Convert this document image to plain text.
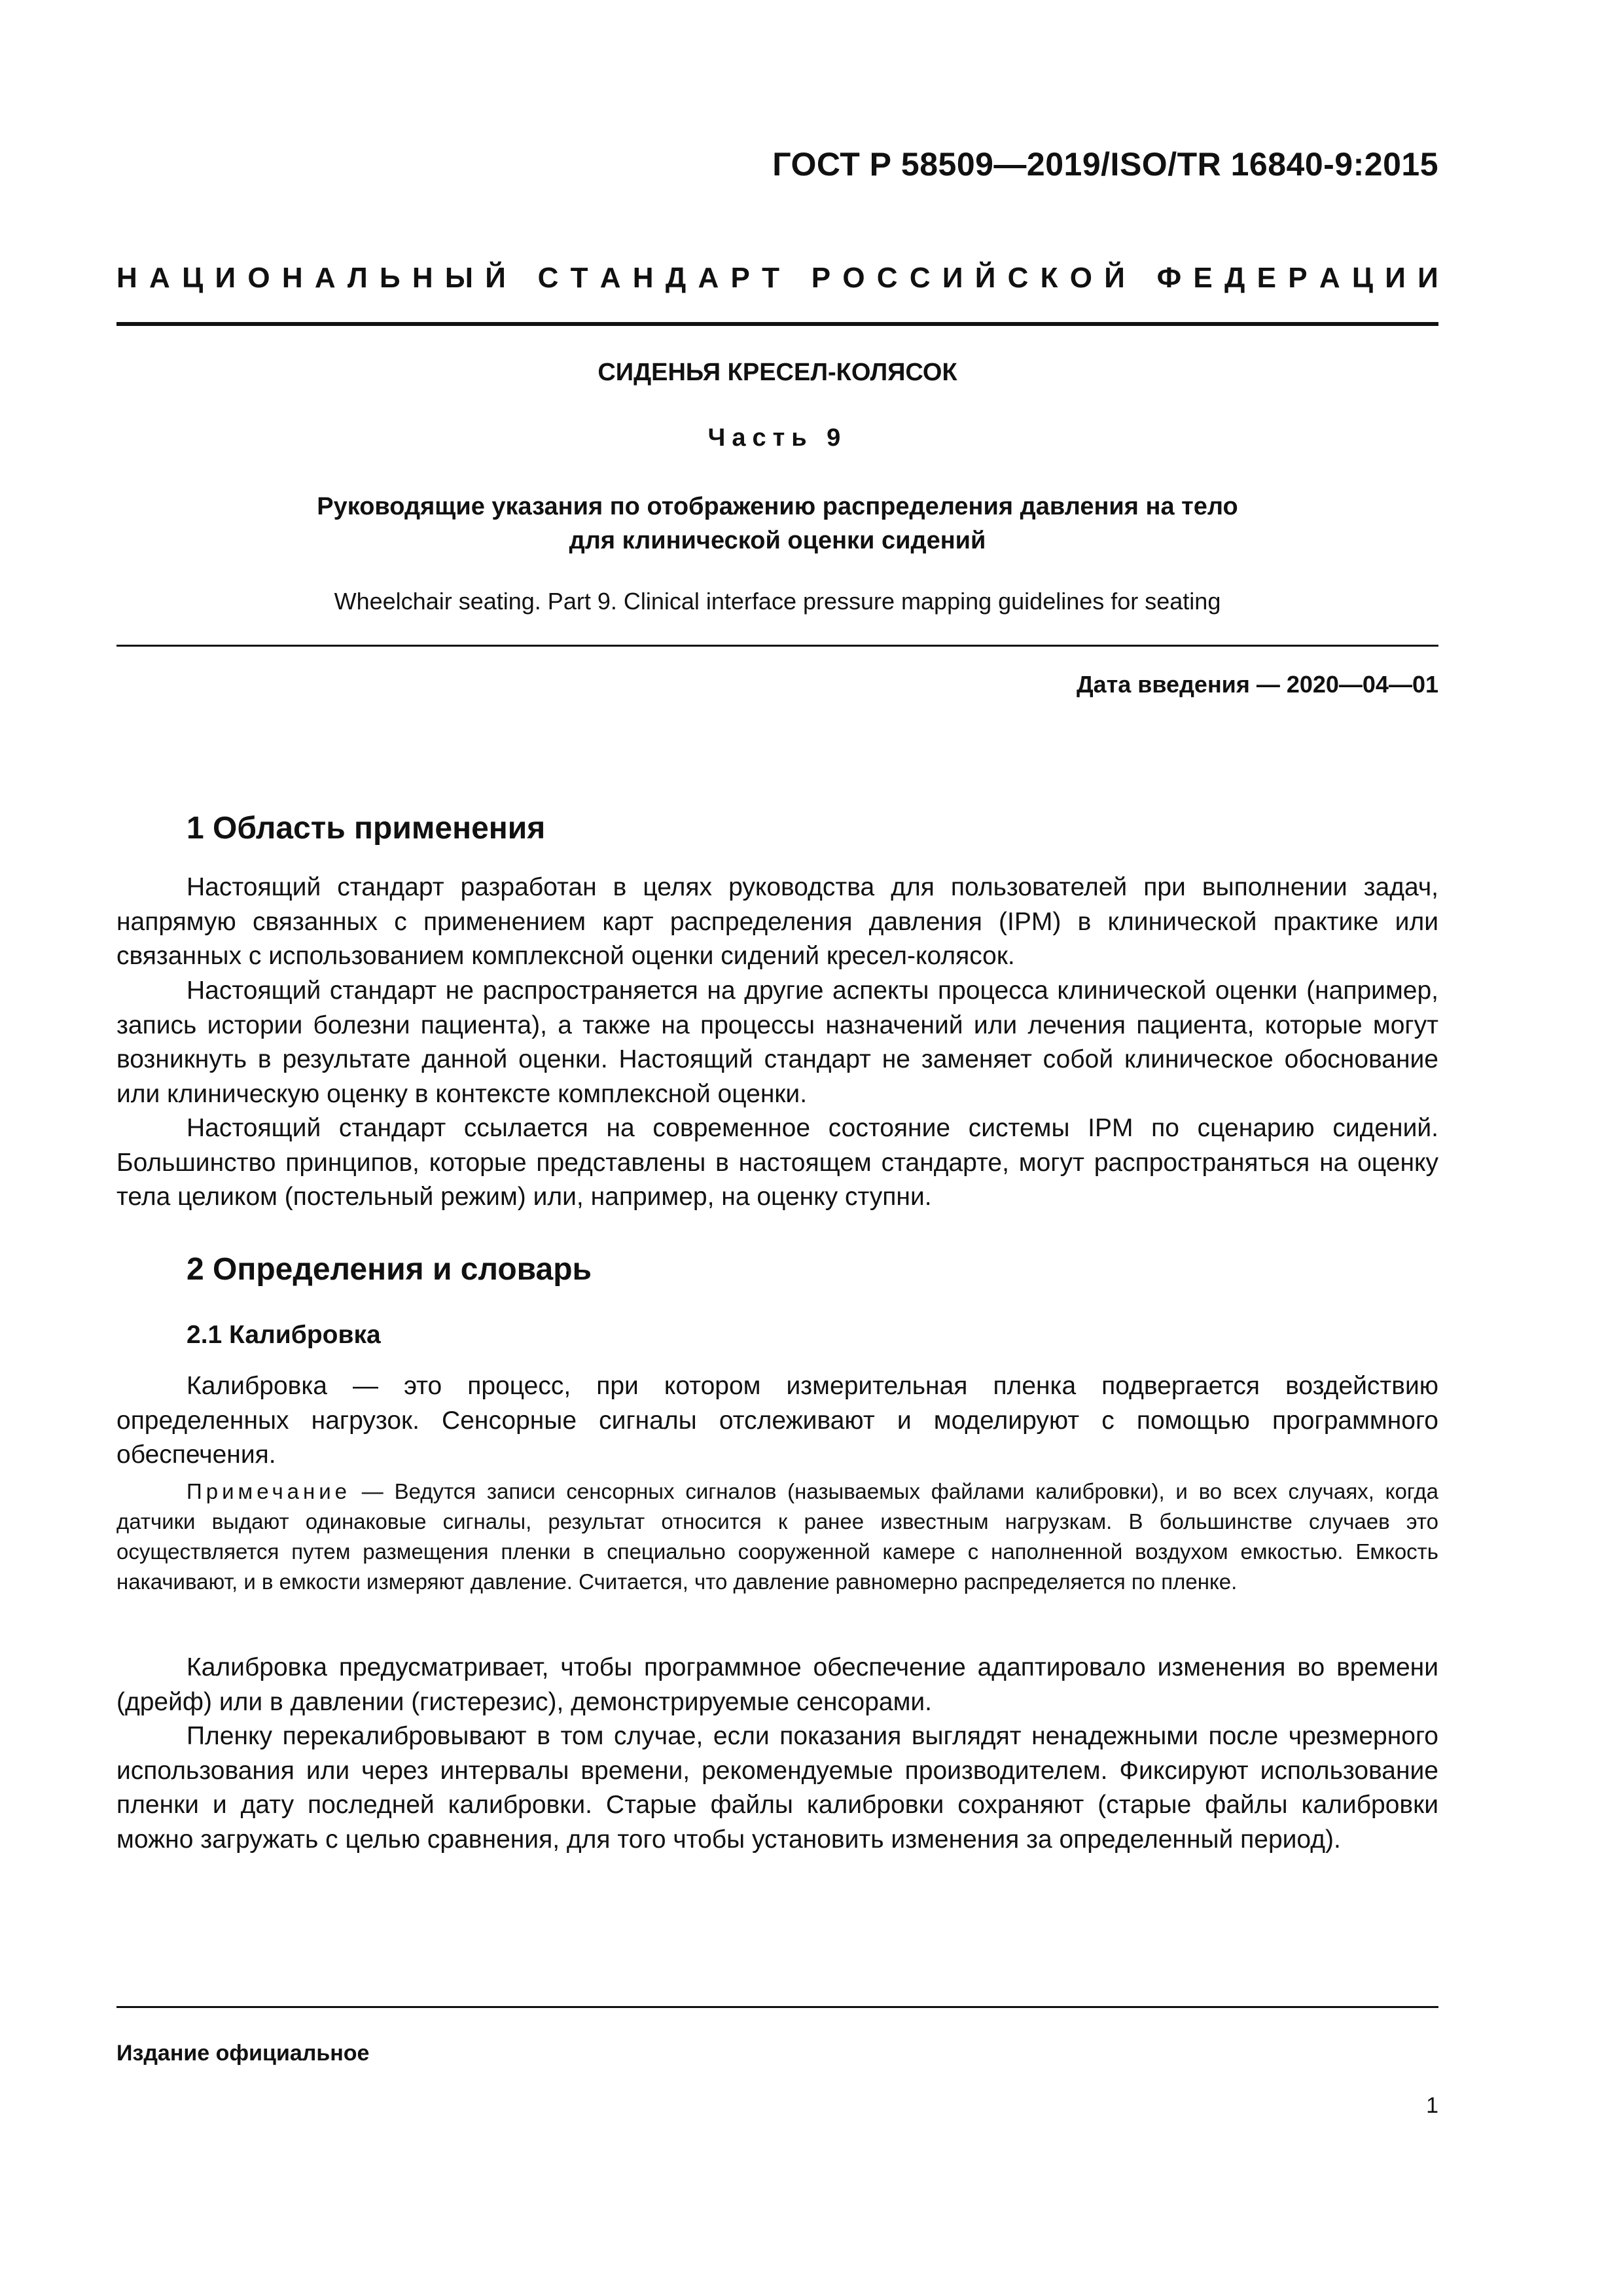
ГОСТ Р 58509—2019/ISO/TR 16840-9:2015
Н А Ц И О Н А Л Ь Н Ы Й
С Т А Н Д А Р Т
Р О С С И Й С К О Й
Ф Е Д Е Р А Ц И И
СИДЕНЬЯ КРЕСЕЛ-КОЛЯСОК
Часть 9
Руководящие указания по отображению распределения давления на тело
для клинической оценки сидений
Wheelchair seating. Part 9. Clinical interface pressure mapping guidelines for seating
Дата введения — 2020—04—01
1 Область применения

Настоящий стандарт разработан в целях руководства для пользователей при выполнении задач, напрямую связанных с применением карт распределения давления (IPM) в клинической практике или связанных с использованием комплексной оценки сидений кресел-колясок.

Настоящий стандарт не распространяется на другие аспекты процесса клинической оценки (например, запись истории болезни пациента), а также на процессы назначений или лечения пациента, которые могут возникнуть в результате данной оценки. Настоящий стандарт не заменяет собой клиническое обоснование или клиническую оценку в контексте комплексной оценки.

Настоящий стандарт ссылается на современное состояние системы IPM по сценарию сидений. Большинство принципов, которые представлены в настоящем стандарте, могут распространяться на оценку тела целиком (постельный режим) или, например, на оценку ступни.

2 Определения и словарь
2.1 Калибровка

Калибровка — это процесс, при котором измерительная пленка подвергается воздействию определенных нагрузок. Сенсорные сигналы отслеживают и моделируют с помощью программного обеспечения.

Примечание — Ведутся записи сенсорных сигналов (называемых файлами калибровки), и во всех случаях, когда датчики выдают одинаковые сигналы, результат относится к ранее известным нагрузкам. В большинстве случаев это осуществляется путем размещения пленки в специально сооруженной камере с наполненной воздухом емкостью. Емкость накачивают, и в емкости измеряют давление. Считается, что давление равномерно распределяется по пленке.

Калибровка предусматривает, чтобы программное обеспечение адаптировало изменения во времени (дрейф) или в давлении (гистерезис), демонстрируемые сенсорами.

Пленку перекалибровывают в том случае, если показания выглядят ненадежными после чрезмерного использования или через интервалы времени, рекомендуемые производителем. Фиксируют использование пленки и дату последней калибровки. Старые файлы калибровки сохраняют (старые файлы калибровки можно загружать с целью сравнения, для того чтобы установить изменения за определенный период).

Издание официальное
1
